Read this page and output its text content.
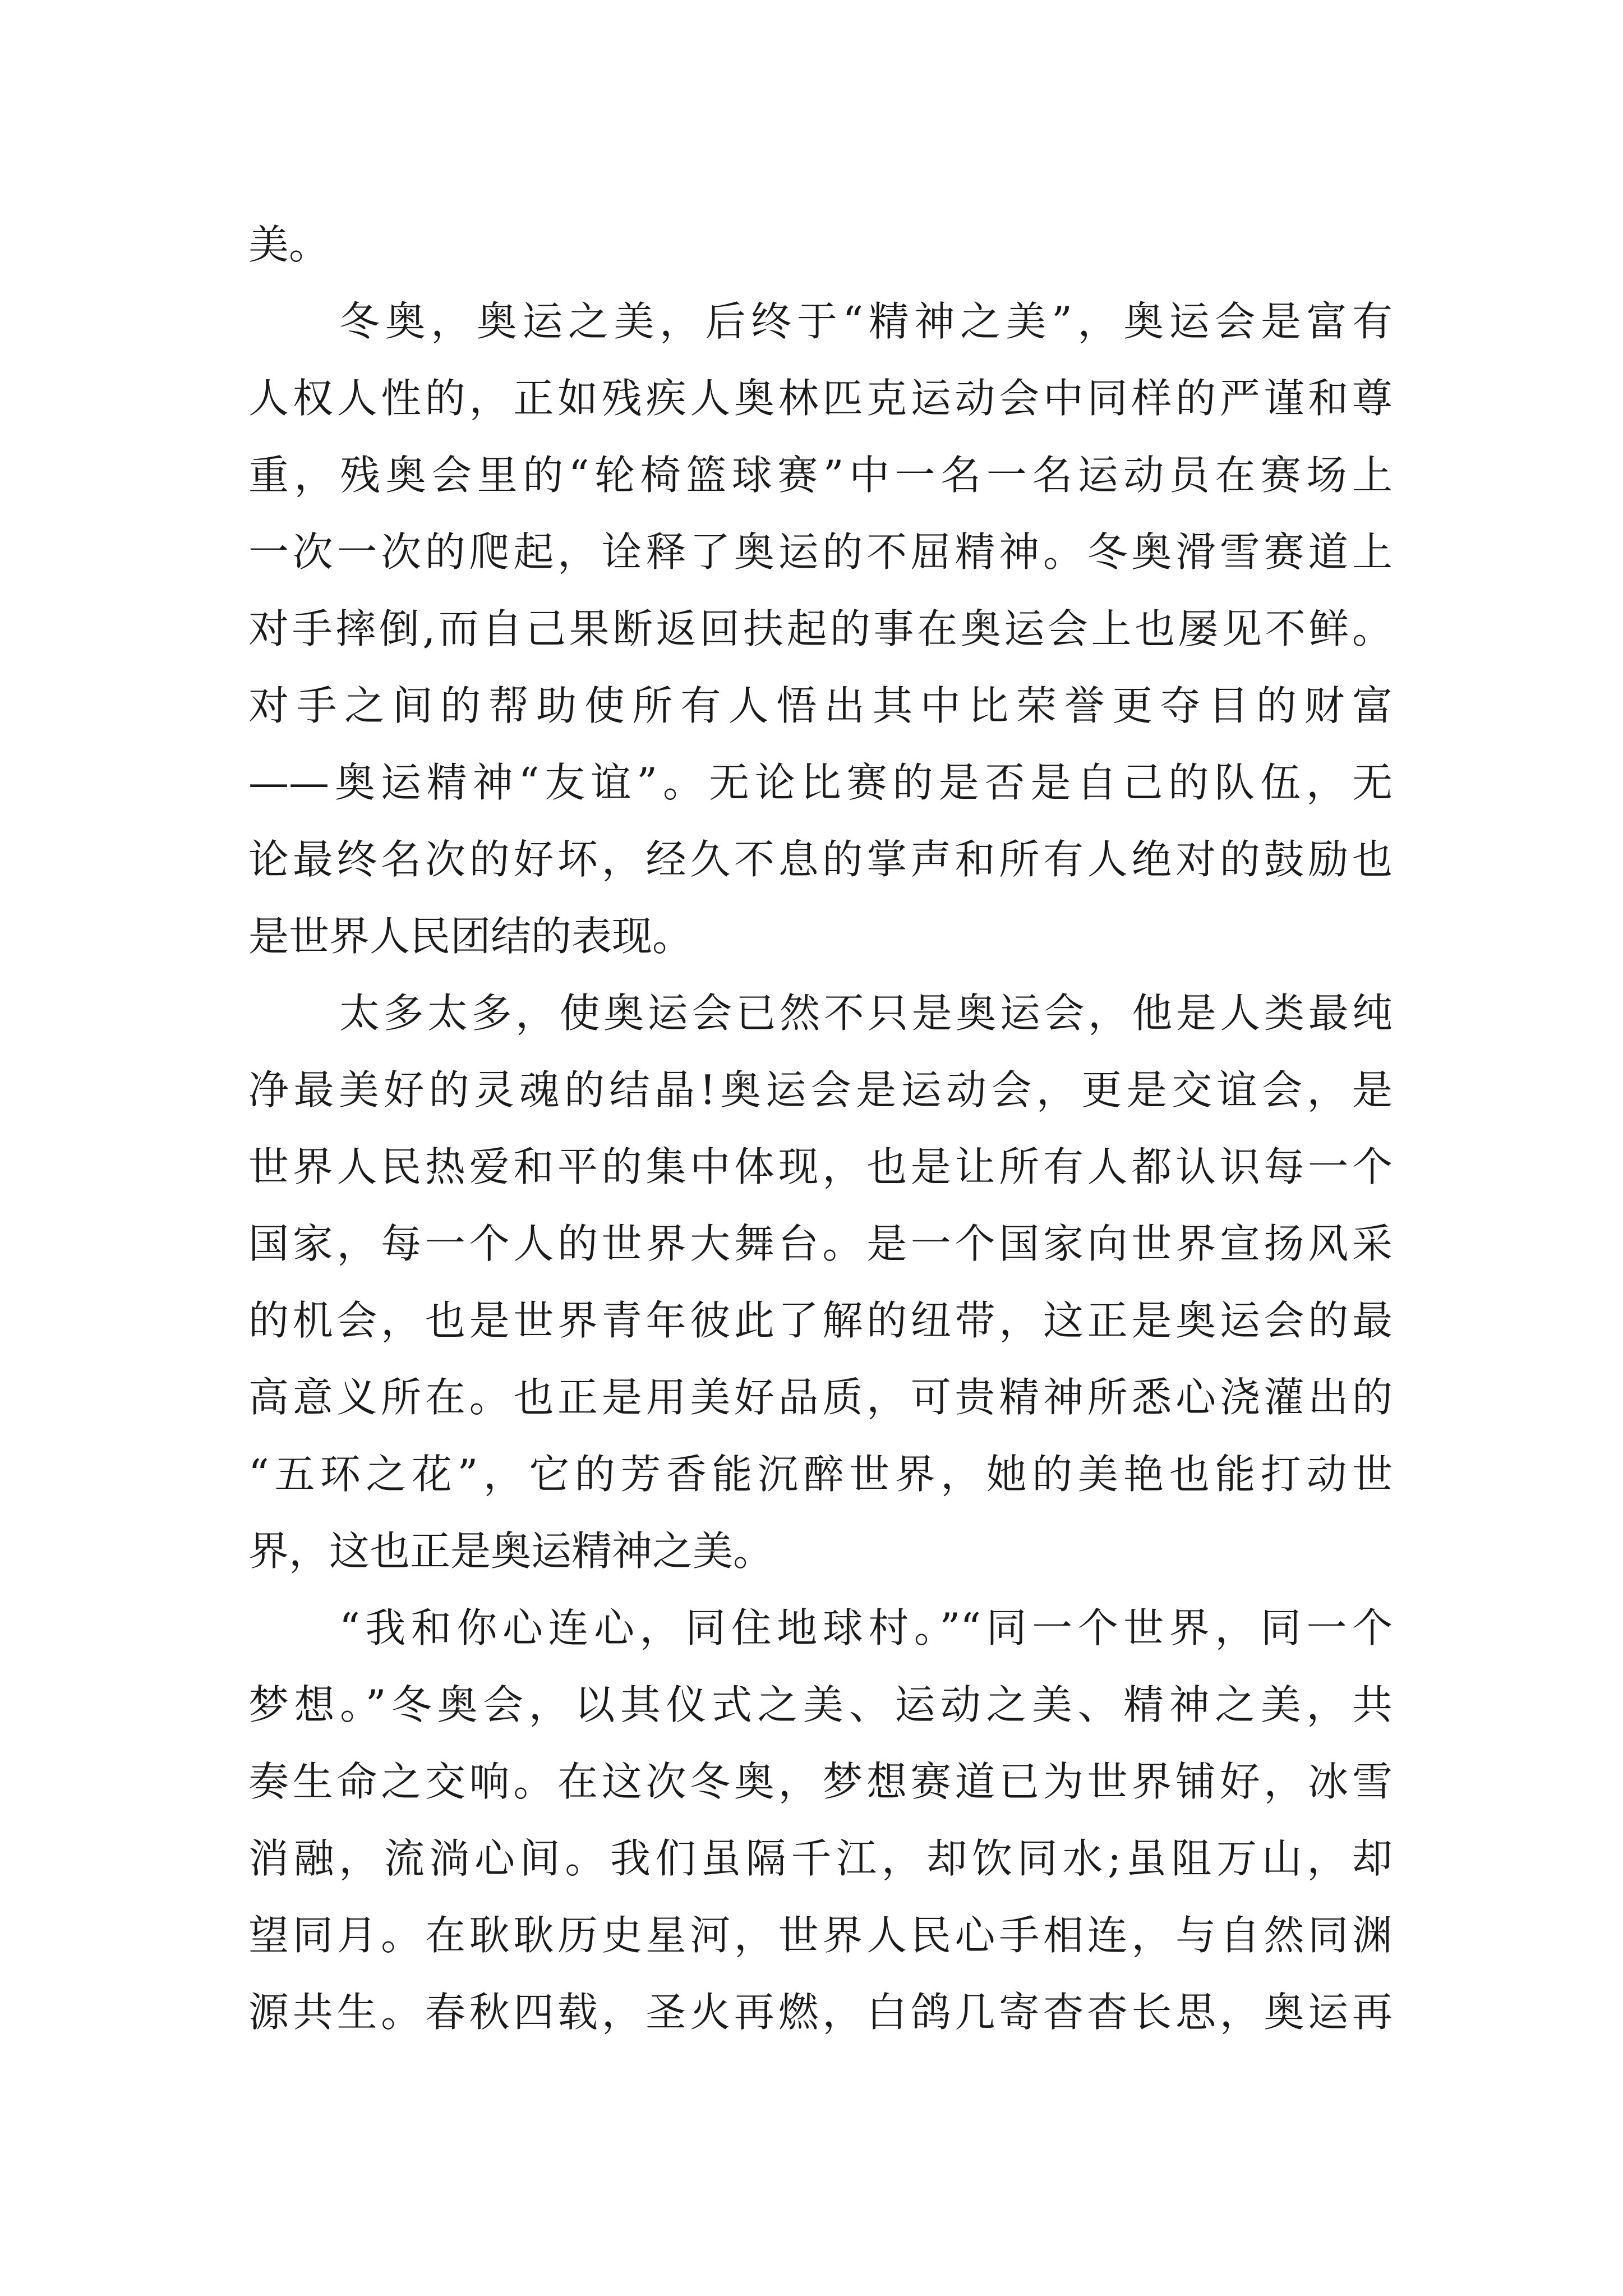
美。
冬奥，奥运之美，后终于“精神之美”，奥运会是富有
人权人性的，正如残疾人奥林匹克运动会中同样的严谨和尊
重，残奥会里的“轮椅篮球赛”中一名一名运动员在赛场上
一次一次的爬起，诠释了奥运的不屈精神。冬奥滑雪赛道上
对手摔倒,而自己果断返回扶起的事在奥运会上也屡见不鲜。
对手之间的帮助使所有人悟出其中比荣誉更夺目的财富
——奥运精神“友谊”。无论比赛的是否是自己的队伍，无
论最终名次的好坏，经久不息的掌声和所有人绝对的鼓励也
是世界人民团结的表现。
太多太多，使奥运会已然不只是奥运会，他是人类最纯
净最美好的灵魂的结晶!奥运会是运动会，更是交谊会，是
世界人民热爱和平的集中体现，也是让所有人都认识每一个
国家，每一个人的世界大舞台。是一个国家向世界宣扬风采
的机会，也是世界青年彼此了解的纽带，这正是奥运会的最
高意义所在。也正是用美好品质，可贵精神所悉心浇灌出的
“五环之花”，它的芳香能沉醉世界，她的美艳也能打动世
界，这也正是奥运精神之美。
“我和你心连心，同住地球村。”“同一个世界，同一个
梦想。”冬奥会，以其仪式之美、运动之美、精神之美，共
奏生命之交响。在这次冬奥，梦想赛道已为世界铺好，冰雪
消融，流淌心间。我们虽隔千江，却饮同水;虽阻万山，却
望同月。在耿耿历史星河，世界人民心手相连，与自然同渊
源共生。春秋四载，圣火再燃，白鸽几寄杳杳长思，奥运再
